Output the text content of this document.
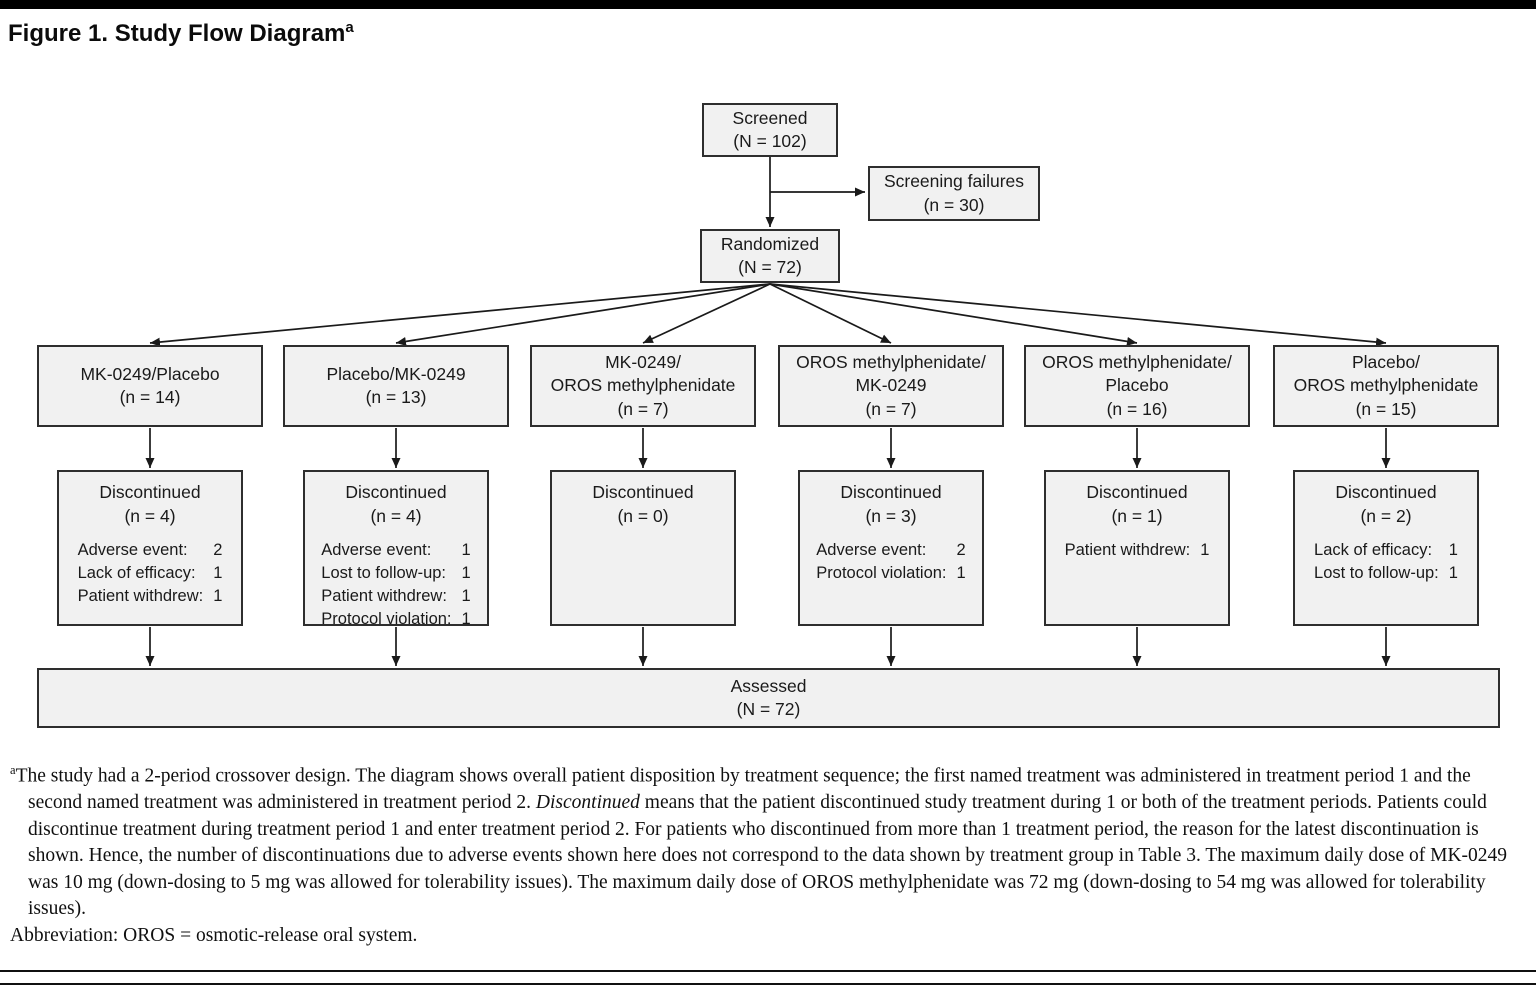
Figure 1. Study Flow Diagram$^a$
Screened
(N = 102)
Screening failures
(n = 30)
Randomized
(N = 72)
MK-0249/Placebo
(n = 14)
Placebo/MK-0249
(n = 13)
MK-0249/
OROS methylphenidate
(n = 7)
OROS methylphenidate/
MK-0249
(n = 7)
OROS methylphenidate/
Placebo
(n = 16)
Placebo/
OROS methylphenidate
(n = 15)
Discontinued
(n = 4)
Adverse event:	2
Lack of efficacy:	1
Patient withdrew: 1
Discontinued
(n = 4)
Adverse event:	1
Lost to follow-up: 1
Patient withdrew: 1
Protocol violation: 1
Discontinued
(n = 0)
Discontinued
(n = 3)
Adverse event:	2
Protocol violation: 1
Discontinued
(n = 1)
Patient withdrew: 1
Discontinued
(n = 2)
Lack of efficacy:	1
Lost to follow-up: 1
Assessed
(N = 72)

$^a$The study had a 2-period crossover design. The diagram shows overall patient disposition by treatment sequence; the first named treatment was administered in treatment period 1 and the second named treatment was administered in treatment period 2. Discontinued means that the patient discontinued study treatment during 1 or both of the treatment periods. Patients could discontinue treatment during treatment period 1 and enter treatment period 2. For patients who discontinued from more than 1 treatment period, the reason for the latest discontinuation is shown. Hence, the number of discontinuations due to adverse events shown here does not correspond to the data shown by treatment group in Table 3. The maximum daily dose of MK-0249 was 10 mg (down-dosing to 5 mg was allowed for tolerability issues). The maximum daily dose of OROS methylphenidate was 72 mg (down-dosing to 54 mg was allowed for tolerability issues).

Abbreviation: OROS = osmotic-release oral system.
